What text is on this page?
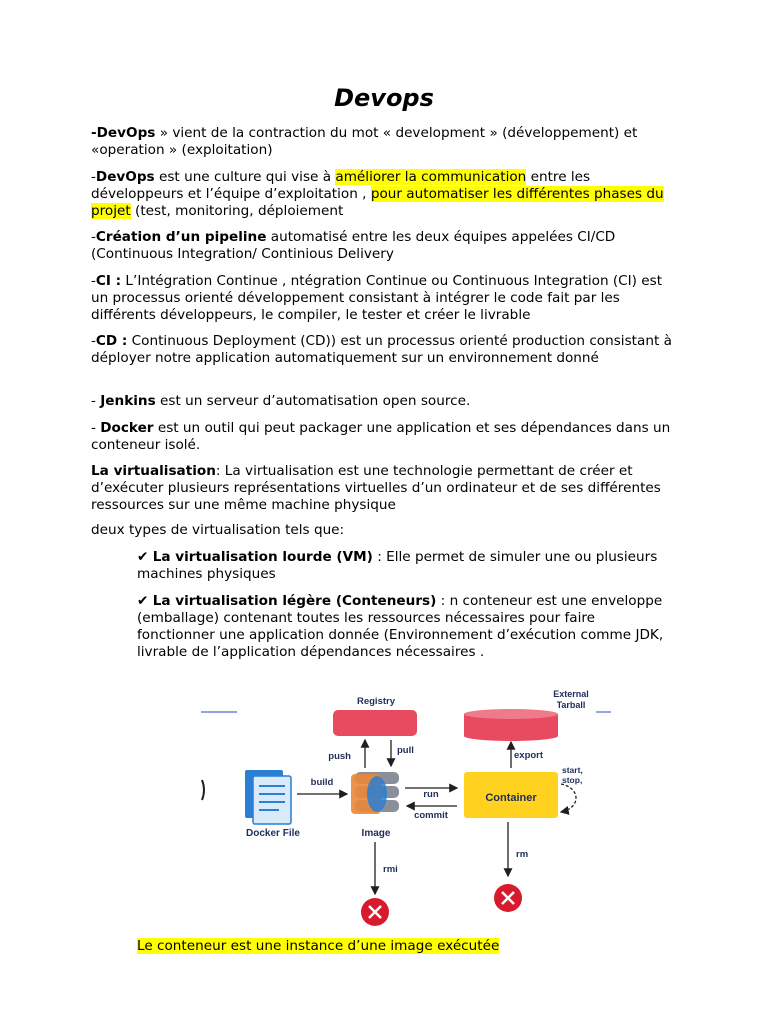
Devops
-DevOps » vient de la contraction du mot « development » (développement) et «operation » (exploitation)
-DevOps est une culture qui vise à améliorer la communication entre les développeurs et l’équipe d’exploitation , pour automatiser les différentes phases du projet (test, monitoring, déploiement
-Création d’un pipeline automatisé entre les deux équipes appelées CI/CD (Continuous Integration/ Continious Delivery
-CI : L’Intégration Continue , ntégration Continue ou Continuous Integration (CI) est un processus orienté développement consistant à intégrer le code fait par les différents développeurs, le compiler, le tester et créer le livrable
-CD : Continuous Deployment (CD)) est un processus orienté production consistant à déployer notre application automatiquement sur un environnement donné
- Jenkins est un serveur d’automatisation open source.
- Docker est un outil qui peut packager une application et ses dépendances dans un conteneur isolé.
La virtualisation: La virtualisation est une technologie permettant de créer et d’exécuter plusieurs représentations virtuelles d’un ordinateur et de ses différentes ressources sur une même machine physique
deux types de virtualisation tels que:
✔ La virtualisation lourde (VM) : Elle permet de simuler une ou plusieurs machines physiques
✔ La virtualisation légère (Conteneurs) : n conteneur est une enveloppe (emballage) contenant toutes les ressources nécessaires pour faire fonctionner une application donnée (Environnement d’exécution comme JDK, livrable de l’application dépendances nécessaires .
Registry
External
Tarball
push
pull	export
Docker File
build
Image
run
commit
Container
start,
stop,
rmi
rm
Le conteneur est une instance d’une image exécutée
